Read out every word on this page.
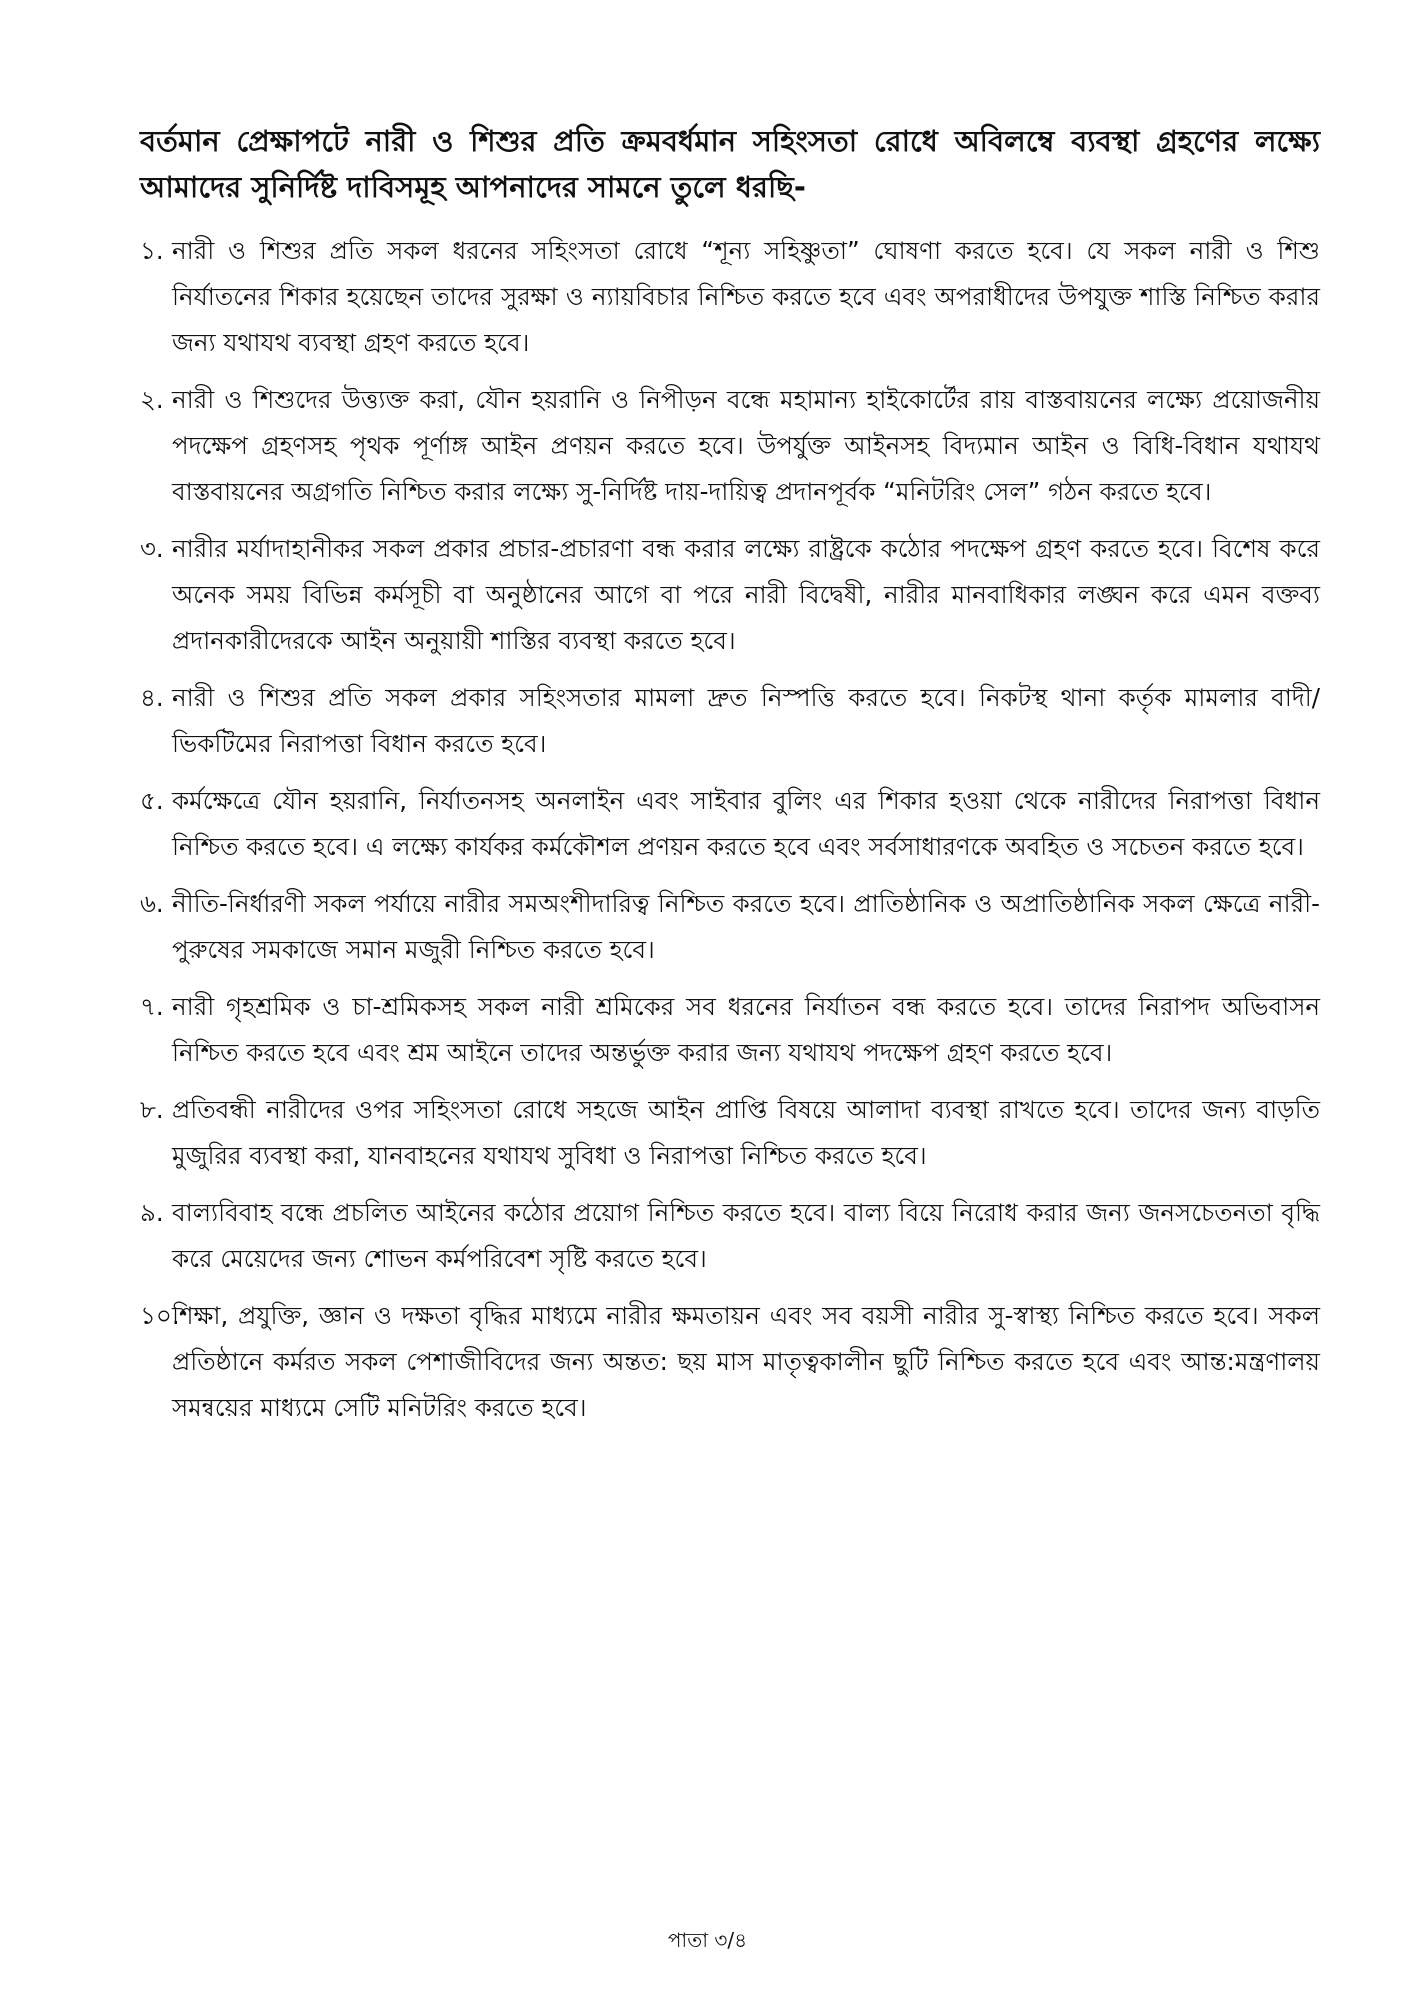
বর্তমান প্রেক্ষাপটে নারী ও শিশুর প্রতি ক্রমবর্ধমান সহিংসতা রোধে অবিলম্বে ব্যবস্থা গ্রহণের লক্ষ্যে আমাদের সুনির্দিষ্ট দাবিসমূহ আপনাদের সামনে তুলে ধরছি-

১. নারী ও শিশুর প্রতি সকল ধরনের সহিংসতা রোধে “শূন্য সহিষ্ণুতা” ঘোষণা করতে হবে। যে সকল নারী ও শিশু নির্যাতনের শিকার হয়েছেন তাদের সুরক্ষা ও ন্যায়বিচার নিশ্চিত করতে হবে এবং অপরাধীদের উপযুক্ত শাস্তি নিশ্চিত করার জন্য যথাযথ ব্যবস্থা গ্রহণ করতে হবে।
২. নারী ও শিশুদের উত্ত্যক্ত করা, যৌন হয়রানি ও নিপীড়ন বন্ধে মহামান্য হাইকোর্টের রায় বাস্তবায়নের লক্ষ্যে প্রয়োজনীয় পদক্ষেপ গ্রহণসহ পৃথক পূর্ণাঙ্গ আইন প্রণয়ন করতে হবে। উপর্যুক্ত আইনসহ বিদ্যমান আইন ও বিধি-বিধান যথাযথ বাস্তবায়নের অগ্রগতি নিশ্চিত করার লক্ষ্যে সু-নির্দিষ্ট দায়-দায়িত্ব প্রদানপূর্বক “মনিটরিং সেল” গঠন করতে হবে।
৩. নারীর মর্যাদাহানীকর সকল প্রকার প্রচার-প্রচারণা বন্ধ করার লক্ষ্যে রাষ্ট্রকে কঠোর পদক্ষেপ গ্রহণ করতে হবে। বিশেষ করে অনেক সময় বিভিন্ন কর্মসূচী বা অনুষ্ঠানের আগে বা পরে নারী বিদ্বেষী, নারীর মানবাধিকার লঙ্ঘন করে এমন বক্তব্য প্রদানকারীদেরকে আইন অনুয়ায়ী শাস্তির ব্যবস্থা করতে হবে।
৪. নারী ও শিশুর প্রতি সকল প্রকার সহিংসতার মামলা দ্রুত নিস্পত্তি করতে হবে। নিকটস্থ থানা কর্তৃক মামলার বাদী/ভিকটিমের নিরাপত্তা বিধান করতে হবে।
৫. কর্মক্ষেত্রে যৌন হয়রানি, নির্যাতনসহ অনলাইন এবং সাইবার বুলিং এর শিকার হওয়া থেকে নারীদের নিরাপত্তা বিধান নিশ্চিত করতে হবে। এ লক্ষ্যে কার্যকর কর্মকৌশল প্রণয়ন করতে হবে এবং সর্বসাধারণকে অবহিত ও সচেতন করতে হবে।
৬. নীতি-নির্ধারণী সকল পর্যায়ে নারীর সমঅংশীদারিত্ব নিশ্চিত করতে হবে। প্রাতিষ্ঠানিক ও অপ্রাতিষ্ঠানিক সকল ক্ষেত্রে নারী-পুরুষের সমকাজে সমান মজুরী নিশ্চিত করতে হবে।
৭. নারী গৃহশ্রমিক ও চা-শ্রমিকসহ সকল নারী শ্রমিকের সব ধরনের নির্যাতন বন্ধ করতে হবে। তাদের নিরাপদ অভিবাসন নিশ্চিত করতে হবে এবং শ্রম আইনে তাদের অন্তর্ভুক্ত করার জন্য যথাযথ পদক্ষেপ গ্রহণ করতে হবে।
৮. প্রতিবন্ধী নারীদের ওপর সহিংসতা রোধে সহজে আইন প্রাপ্তি বিষয়ে আলাদা ব্যবস্থা রাখতে হবে। তাদের জন্য বাড়তি মুজুরির ব্যবস্থা করা, যানবাহনের যথাযথ সুবিধা ও নিরাপত্তা নিশ্চিত করতে হবে।
৯. বাল্যবিবাহ বন্ধে প্রচলিত আইনের কঠোর প্রয়োগ নিশ্চিত করতে হবে। বাল্য বিয়ে নিরোধ করার জন্য জনসচেতনতা বৃদ্ধি করে মেয়েদের জন্য শোভন কর্মপরিবেশ সৃষ্টি করতে হবে।
১০.
শিক্ষা, প্রযুক্তি, জ্ঞান ও দক্ষতা বৃদ্ধির মাধ্যমে নারীর ক্ষমতায়ন এবং সব বয়সী নারীর সু-স্বাস্থ্য নিশ্চিত করতে হবে। সকল প্রতিষ্ঠানে কর্মরত সকল পেশাজীবিদের জন্য অন্তত: ছয় মাস মাতৃত্বকালীন ছুটি নিশ্চিত করতে হবে এবং আন্ত:মন্ত্রণালয় সমন্বয়ের মাধ্যমে সেটি মনিটরিং করতে হবে।
পাতা ৩/৪
